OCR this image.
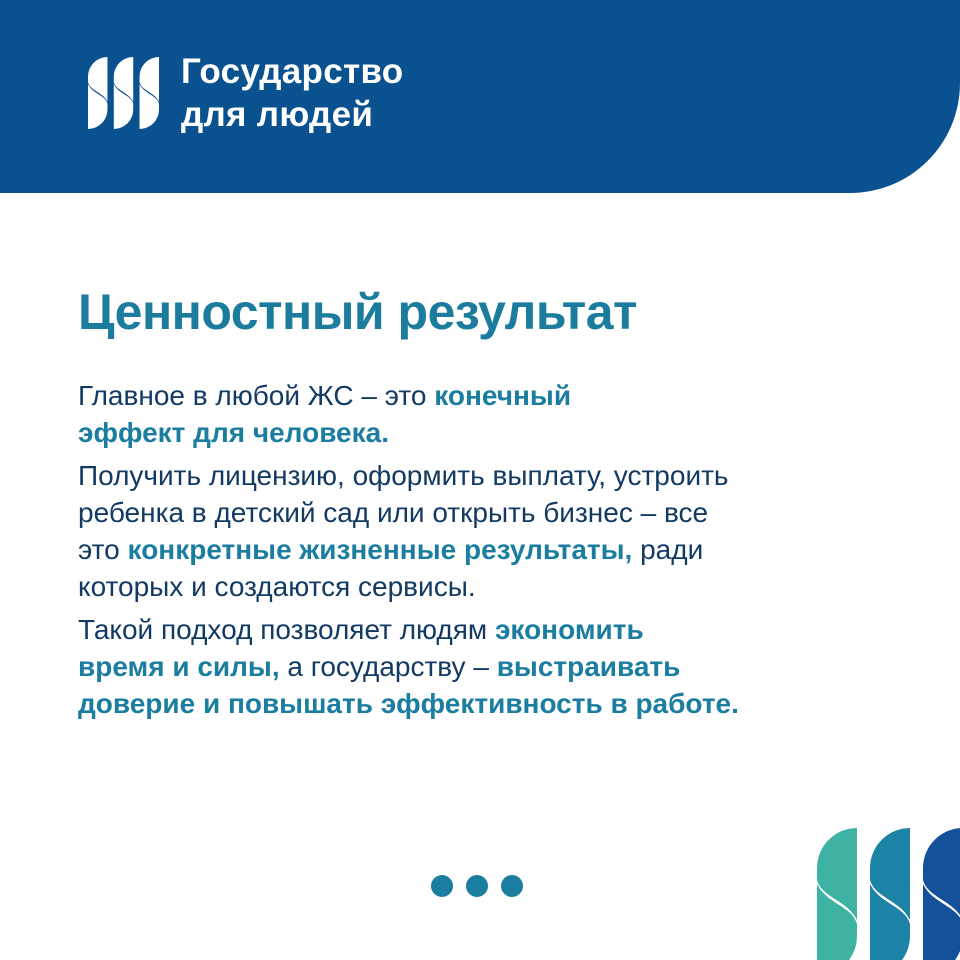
Государство
для людей
Ценностный результат

Главное в любой ЖС – это конечный
эффект для человека.

Получить лицензию, оформить выплату, устроить
ребенка в детский сад или открыть бизнес – все
это конкретные жизненные результаты, ради
которых и создаются сервисы.

Такой подход позволяет людям экономить
время и силы, а государству – выстраивать
доверие и повышать эффективность в работе.
